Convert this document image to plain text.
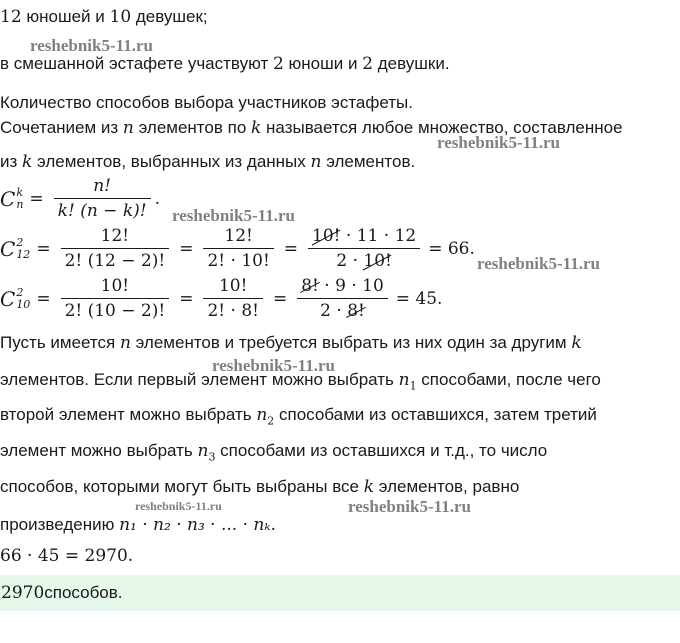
12 юношей и 10 девушек;
reshebnik5-11.ru
в смешанной эстафете участвуют 2 юноши и 2 девушки.
Количество способов выбора участников эстафеты.
Сочетанием из n элементов по k называется любое множество, составленное
reshebnik5-11.ru
из k элементов, выбранных из данных n элементов.
C k
$n = \frac{n!}{k! (n - k)!}$ .
reshebnik5-11.ru
C 2
$12 = \frac{12!}{2! (12 - 2)!} = \frac{12!}{2! \cdot 10!} = \frac{10! \cdot 11 \cdot 12}{2 \cdot 10!} = 66$.
reshebnik5-11.ru
C 2
$10 = \frac{10!}{2! (10 - 2)!} = \frac{10!}{2! \cdot 8!} = \frac{8! \cdot 9 \cdot 10}{2 \cdot 8!} = 45$.
Пусть имеется n элементов и требуется выбрать из них один за другим k
reshebnik5-11.ru
элементов. Если первый элемент можно выбрать $n_1$ способами, после чего
второй элемент можно выбрать $n_2$ способами из оставшихся, затем третий
элемент можно выбрать $n_3$ способами из оставшихся и т.д., то число
способов, которыми могут быть выбраны все k элементов, равно
reshebnik5-11.ru	reshebnik5-11.ru
произведению n₁ · n₂ · n₃ · ... · nₖ.
66 · 45 = 2970.
2970 способов.
